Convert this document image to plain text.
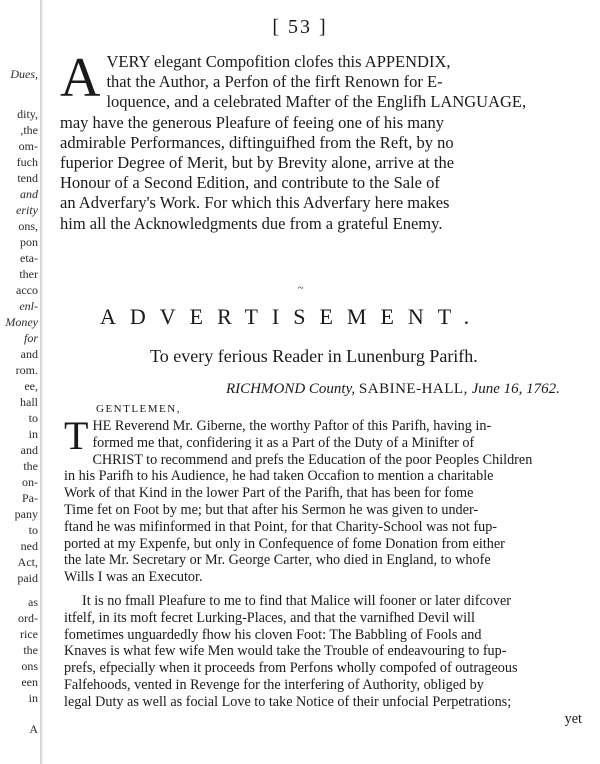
Dues,
dity,
,the
om-
fuch
tend
and
erity
ons,
pon
eta-
ther
acco
enl-
Money
for
and
rom.
ee,
hall
to
in
and
the
on-
Pa-
pany
to
ned
Act,
paid
as
ord-
rice
the
ons
een
in
A
[ 53 ]
A VERY elegant Compofition clofes this APPENDIX,
that the Author, a Perfon of the firft Renown for E-
loquence, and a celebrated Mafter of the Englifh LANGUAGE,
may have the generous Pleafure of feeing one of his many
admirable Performances, diftinguifhed from the Reft, by no
fuperior Degree of Merit, but by Brevity alone, arrive at the
Honour of a Second Edition, and contribute to the Sale of
an Adverfary's Work. For which this Adverfary here makes
him all the Acknowledgments due from a grateful Enemy.
~
ADVERTISEMENT.
To every ferious Reader in Lunenburg Parifh.
RICHMOND County, SABINE-HALL, June 16, 1762.
GENTLEMEN,
T HE Reverend Mr. Giberne, the worthy Paftor of this Parifh, having in-
formed me that, confidering it as a Part of the Duty of a Minifter of
CHRIST to recommend and prefs the Education of the poor Peoples Children
in his Parifh to his Audience, he had taken Occafion to mention a charitable
Work of that Kind in the lower Part of the Parifh, that has been for fome
Time fet on Foot by me; but that after his Sermon he was given to under-
ftand he was mifinformed in that Point, for that Charity-School was not fup-
ported at my Expenfe, but only in Confequence of fome Donation from either
the late Mr. Secretary or Mr. George Carter, who died in England, to whofe
Wills I was an Executor.
It is no fmall Pleafure to me to find that Malice will fooner or later difcover
itfelf, in its moft fecret Lurking-Places, and that the varnifhed Devil will
fometimes unguardedly fhow his cloven Foot: The Babbling of Fools and
Knaves is what few wife Men would take the Trouble of endeavouring to fup-
prefs, efpecially when it proceeds from Perfons wholly compofed of outrageous
Falfehoods, vented in Revenge for the interfering of Authority, obliged by
legal Duty as well as focial Love to take Notice of their unfocial Perpetrations;
yet
